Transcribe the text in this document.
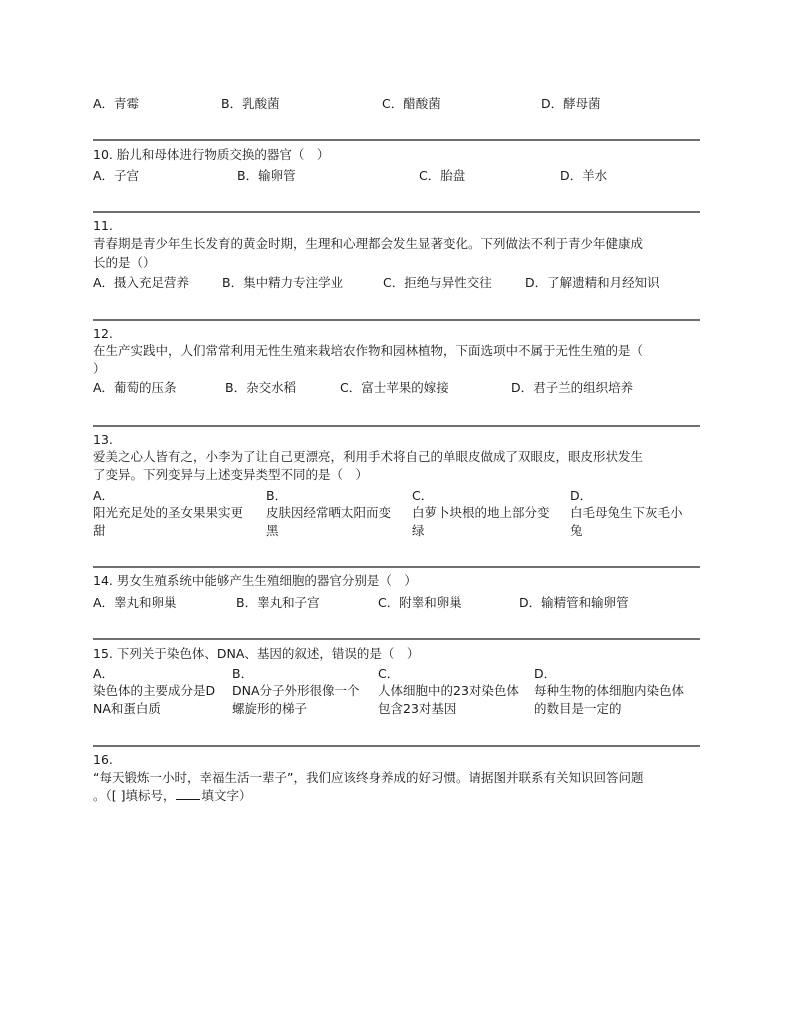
A．青霉	B．乳酸菌	C．醋酸菌	D．酵母菌
10. 胎儿和母体进行物质交换的器官（　）
A．子宫	B．输卵管	C．胎盘	D．羊水
11.
青春期是青少年生长发育的黄金时期，生理和心理都会发生显著变化。下列做法不利于青少年健康成
长的是（）
A．摄入充足营养	B．集中精力专注学业	C．拒绝与异性交往	D．了解遗精和月经知识
12.
在生产实践中，人们常常利用无性生殖来栽培农作物和园林植物，下面选项中不属于无性生殖的是（
）
A．葡萄的压条	B．杂交水稻	C．富士苹果的嫁接	D．君子兰的组织培养
13.
爱美之心人皆有之，小李为了让自己更漂亮，利用手术将自己的单眼皮做成了双眼皮，眼皮形状发生
了变异。下列变异与上述变异类型不同的是（　）
A．
阳光充足处的圣女果果实更
甜
B．
皮肤因经常晒太阳而变
黑
C．
白萝卜块根的地上部分变
绿
D．
白毛母兔生下灰毛小
兔
14. 男女生殖系统中能够产生生殖细胞的器官分别是（　）
A．睾丸和卵巢	B．睾丸和子宫	C．附睾和卵巢	D．输精管和输卵管
15. 下列关于染色体、DNA、基因的叙述，错误的是（　）
A．
染色体的主要成分是D
NA和蛋白质
B．
DNA分子外形很像一个
螺旋形的梯子
C．
人体细胞中的23对染色体
包含23对基因
D．
每种生物的体细胞内染色体
的数目是一定的
16.
“每天锻炼一小时，幸福生活一辈子”，我们应该终身养成的好习惯。请据图并联系有关知识回答问题
。（[ ]填标号， 填文字）
